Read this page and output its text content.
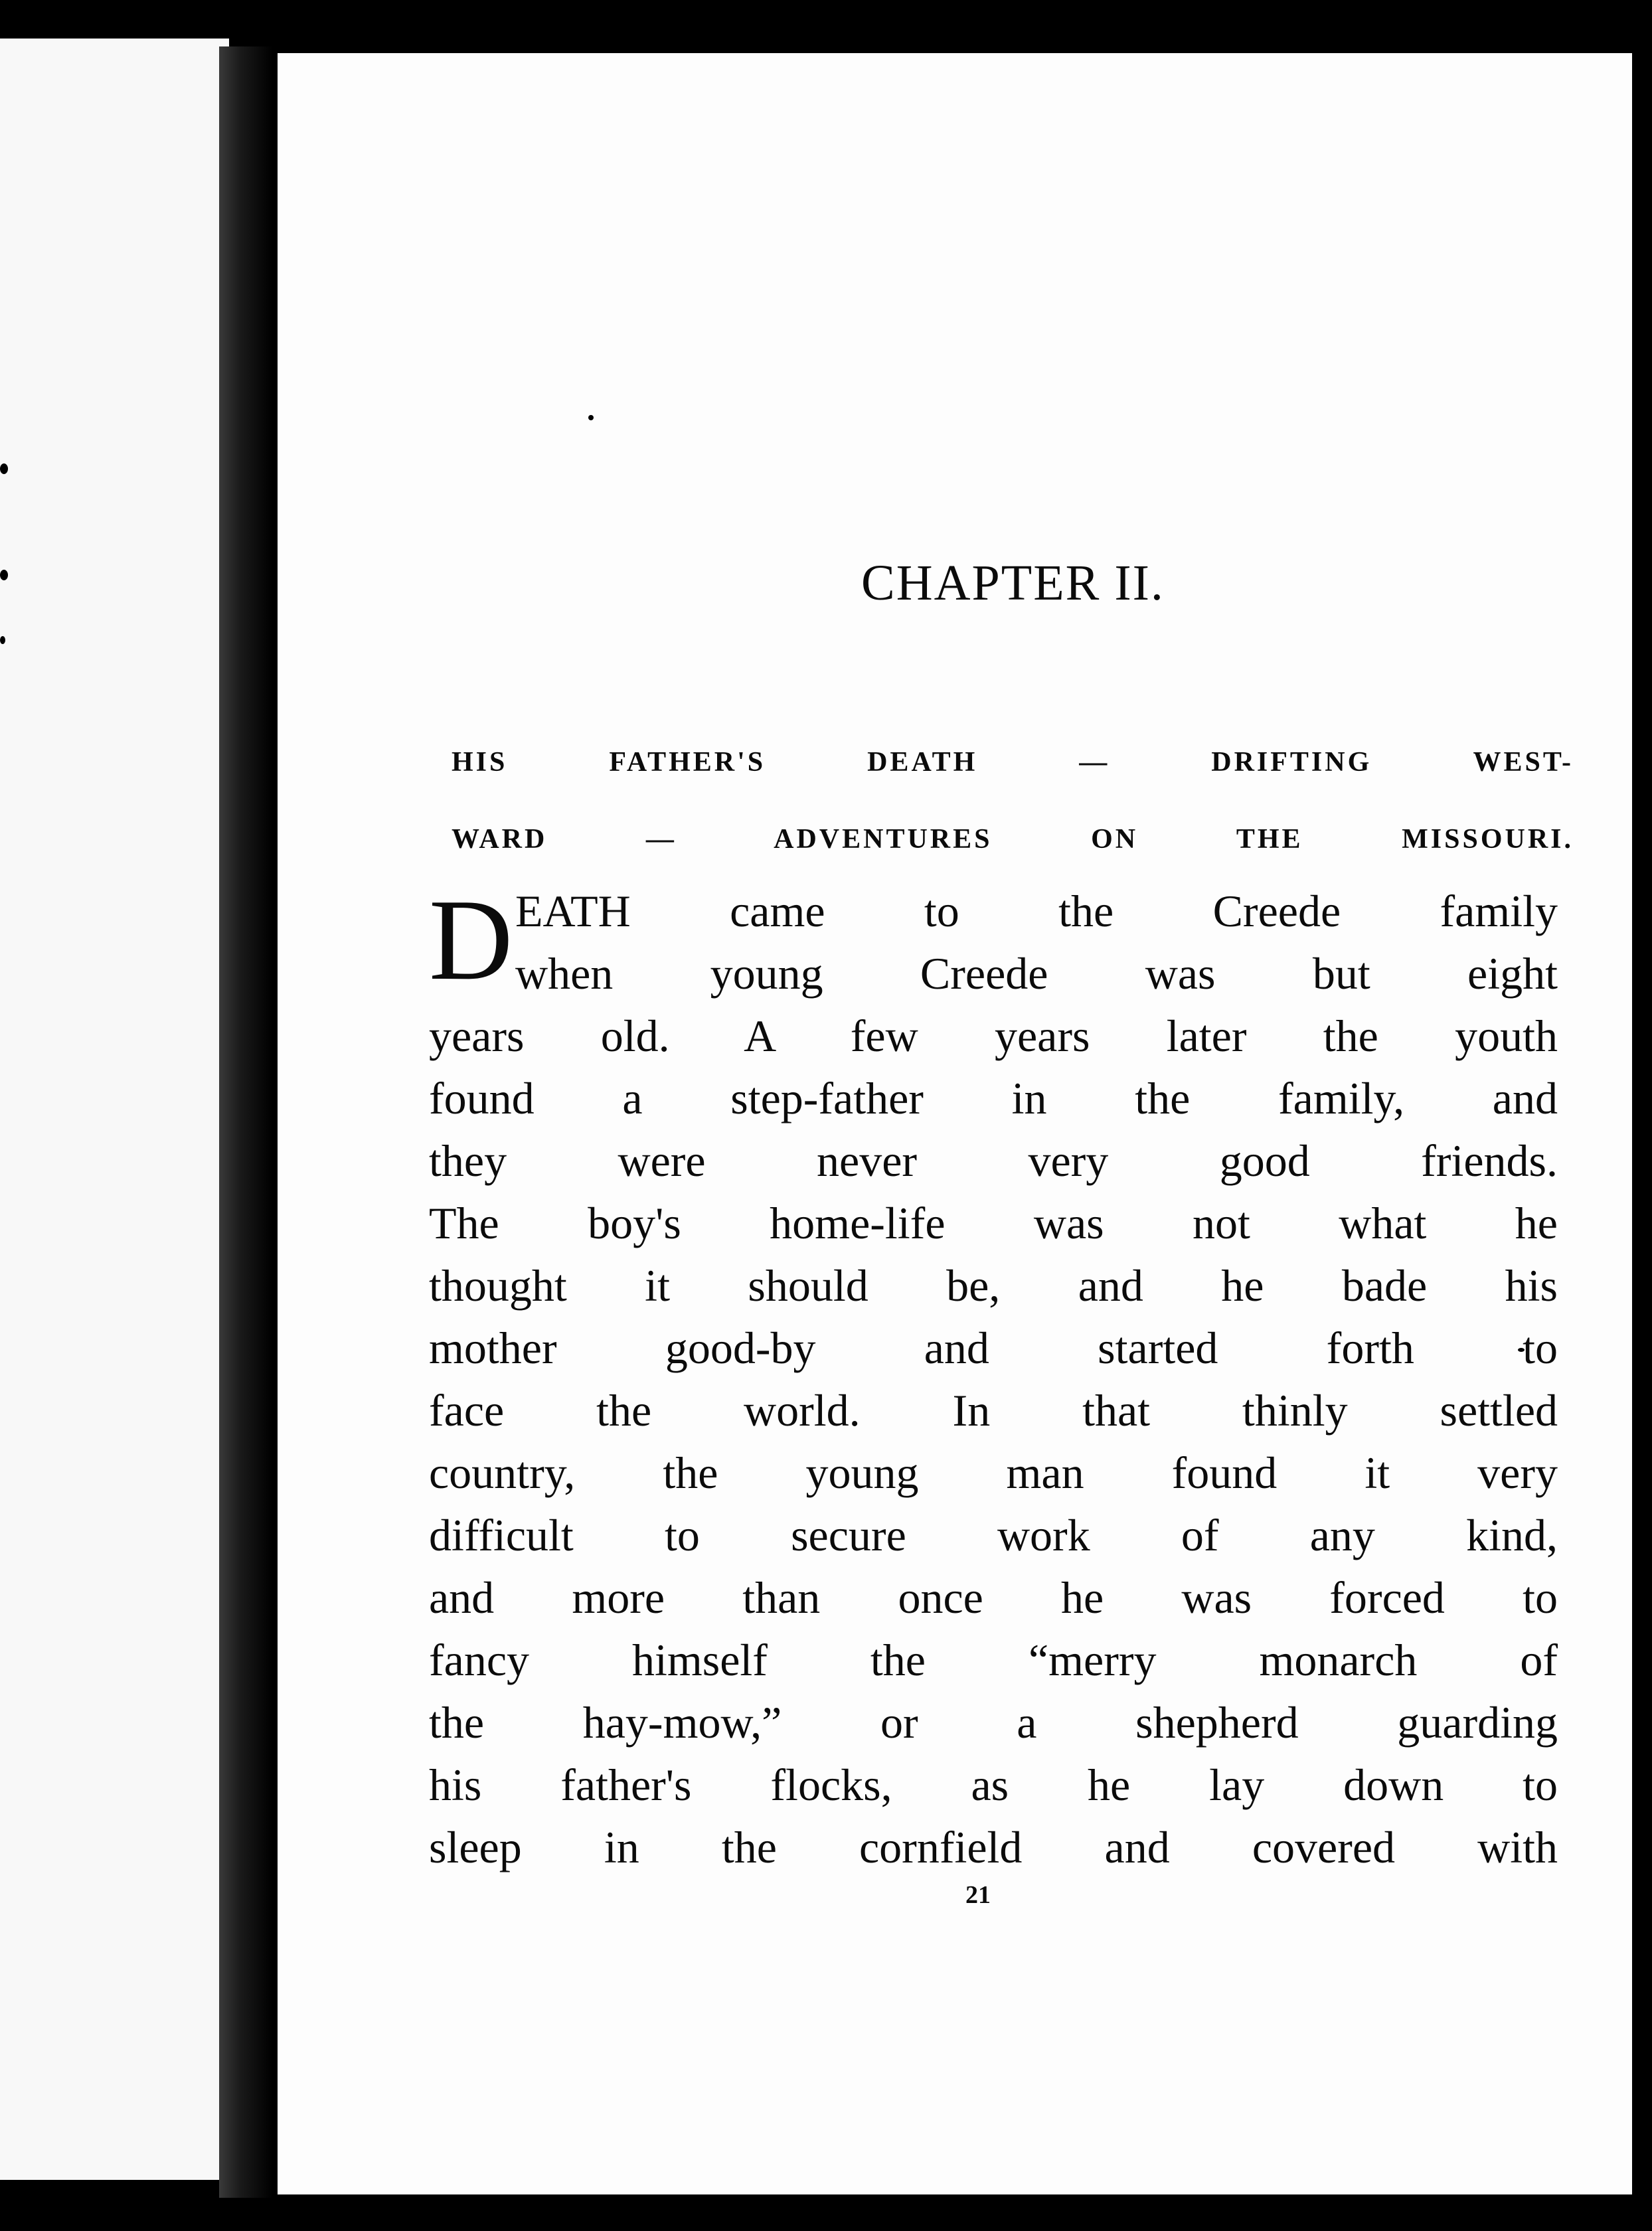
CHAPTER II.
HIS FATHER'S DEATH — DRIFTING WEST-
WARD — ADVENTURES ON THE MISSOURI.
D EATH came to the Creede family
when young Creede was but eight
years old. A few years later the youth
found a step-father in the family, and
they were never very good friends.
The boy's home-life was not what he
thought it should be, and he bade his
mother good-by and started forth to
face the world. In that thinly settled
country, the young man found it very
difficult to secure work of any kind,
and more than once he was forced to
fancy himself the “merry monarch of
the hay-mow,” or a shepherd guarding
his father's flocks, as he lay down to
sleep in the cornfield and covered with
21
